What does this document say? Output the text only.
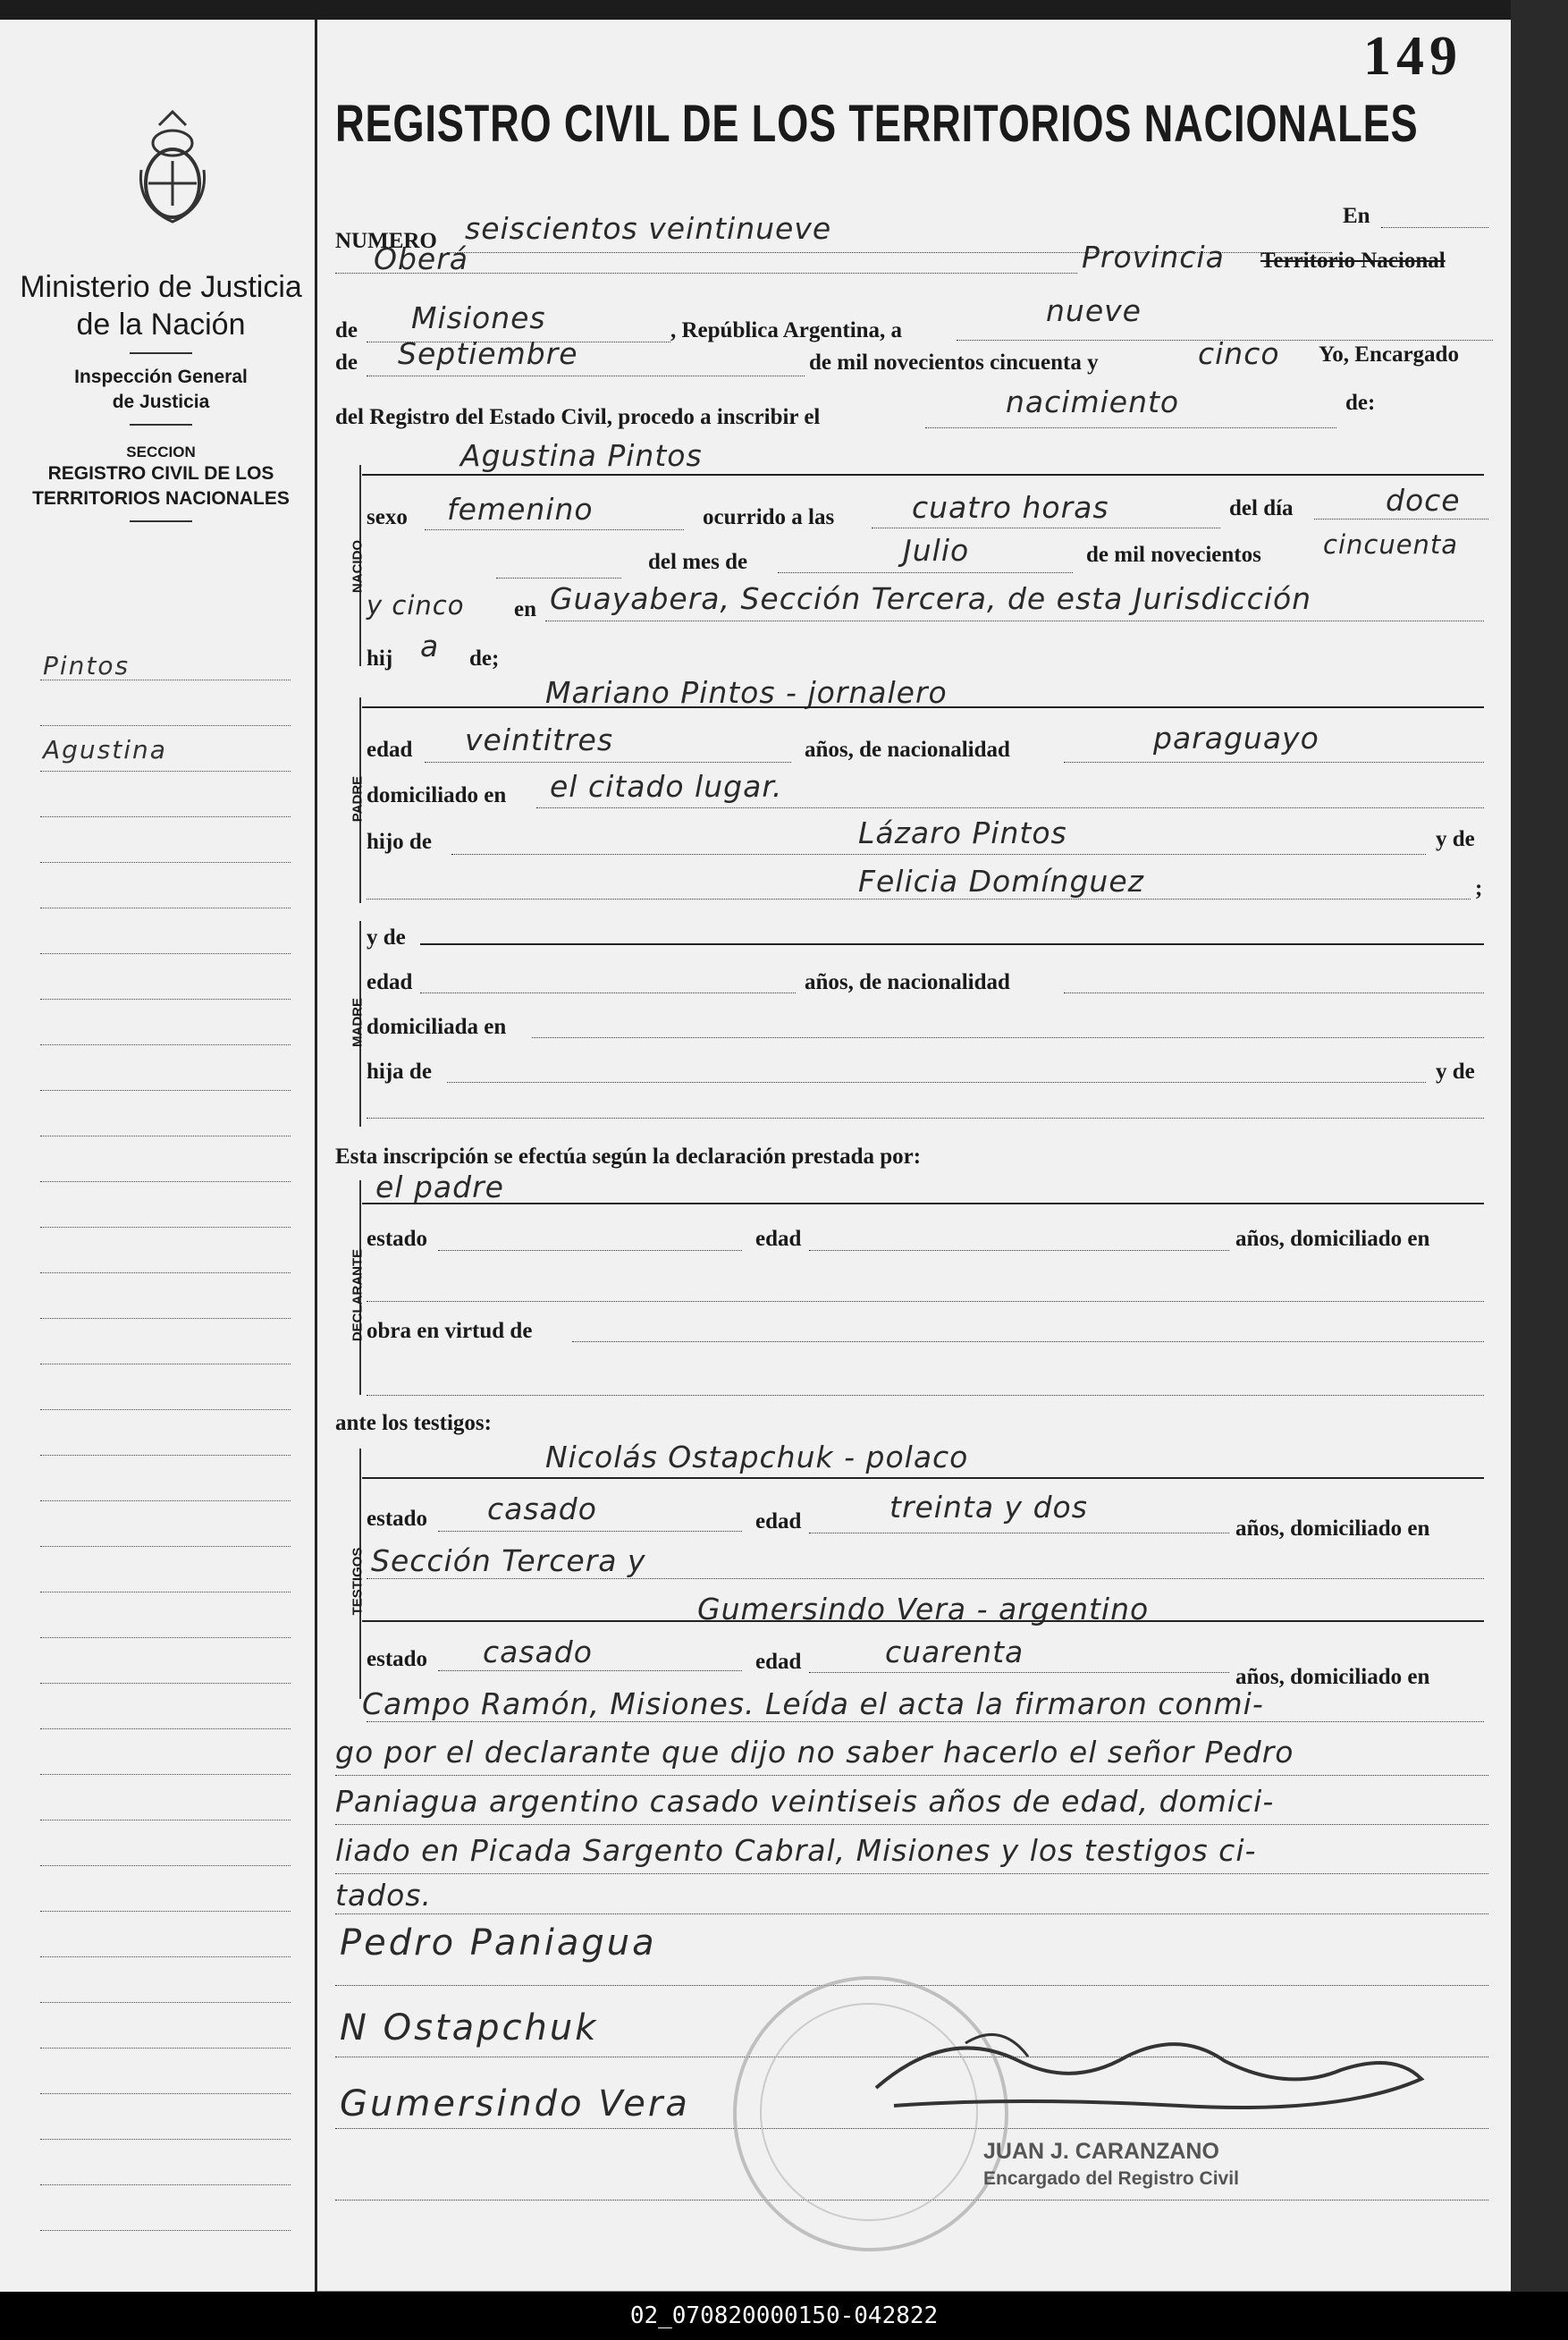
Ministerio de Justicia
de la Nación
Inspección General
de Justicia
SECCION
REGISTRO CIVIL DE LOS
TERRITORIOS NACIONALES
Pintos
Agustina
149
REGISTRO CIVIL DE LOS TERRITORIOS NACIONALES
NUMERO seiscientos veintinueve	En
Oberá	Provincia Territorio Nacional
de Misiones	, República Argentina, a
nueve
de Septiembre	de mil novecientos cincuenta y	cinco Yo, Encargado
del Registro del Estado Civil, procedo a inscribir el	nacimiento	de:
NACIDO
Agustina Pintos
sexo femenino	ocurrido a las	cuatro horas	del día	doce
del mes de	Julio	de mil novecientos cincuenta
y cinco en Guayabera, Sección Tercera, de esta Jurisdicción
hij a de;
PADRE
Mariano Pintos - jornalero
edad veintitres	años, de nacionalidad	paraguayo
domiciliado en el citado lugar.
hijo de	Lázaro Pintos	y de
Felicia Domínguez	;
MADRE
y de
edad	años, de nacionalidad
domiciliada en
hija de	y de
Esta inscripción se efectúa según la declaración prestada por:
DECLARANTE
el padre
estado	edad	años, domiciliado en
obra en virtud de
ante los testigos:
TESTIGOS
Nicolás Ostapchuk - polaco
estado casado	edad	treinta y dos
años, domiciliado en
Sección Tercera y
Gumersindo Vera - argentino
estado casado	edad	cuarenta
años, domiciliado en
Campo Ramón, Misiones. Leída el acta la firmaron conmi-
go por el declarante que dijo no saber hacerlo el señor Pedro
Paniagua argentino casado veintiseis años de edad, domici-
liado en Picada Sargento Cabral, Misiones y los testigos ci-
tados.
Pedro Paniagua
N Ostapchuk
Gumersindo Vera
JUAN J. CARANZANO
Encargado del Registro Civil
02_070820000150-042822
